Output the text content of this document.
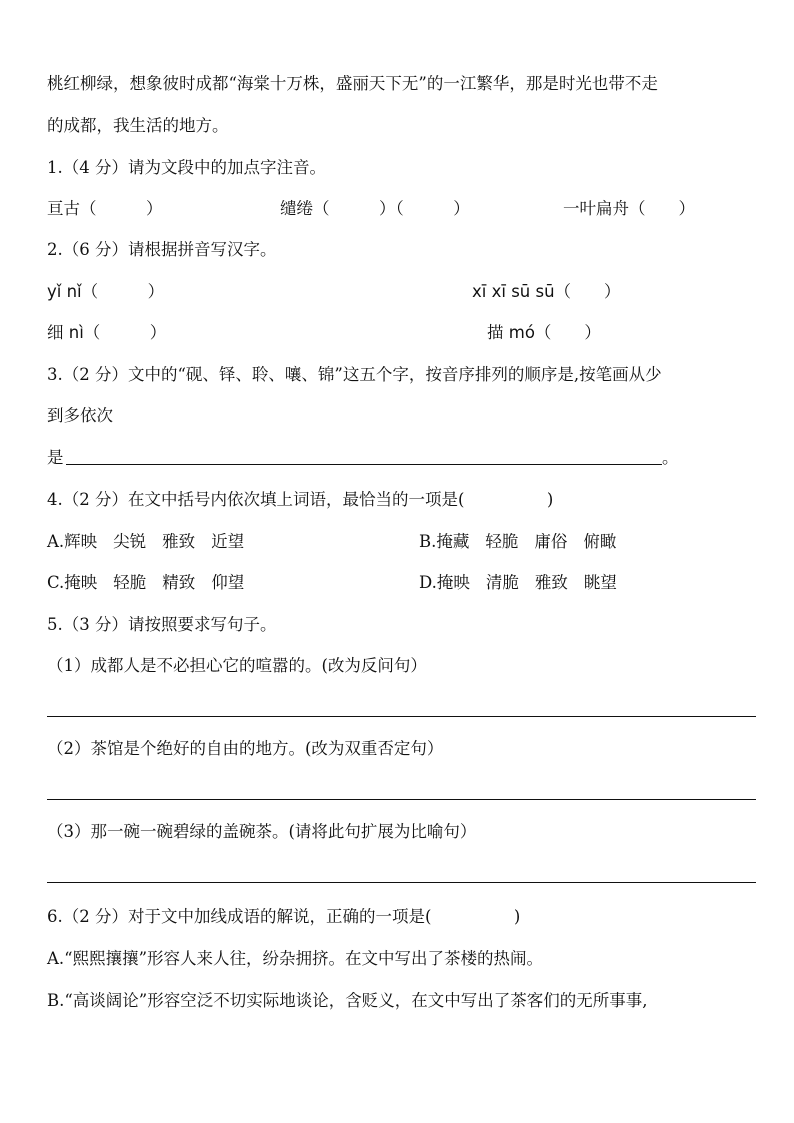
桃红柳绿，想象彼时成都“海棠十万株，盛丽天下无”的一江繁华，那是时光也带不走
的成都，我生活的地方。
1.（4 分）请为文段中的加点字注音。
亘古（　　　）	缱绻（　　　）（　　　）	一叶扁舟（　　）
2.（6 分）请根据拼音写汉字。
yǐ nǐ（　　　）	xī xī sū sū（　　）
细 nì（　　　）	描 mó（　　）
3.（2 分）文中的“砚、铎、聆、嚷、锦”这五个字，按音序排列的顺序是,按笔画从少
到多依次
是	。
4.（2 分）在文中括号内依次填上词语，最恰当的一项是(　　　　　)
A.辉映 尖锐 雅致 近望	B.掩藏 轻脆 庸俗 俯瞰
C.掩映 轻脆 精致 仰望	D.掩映 清脆 雅致 眺望
5.（3 分）请按照要求写句子。
（1）成都人是不必担心它的喧嚣的。(改为反问句）
（2）茶馆是个绝好的自由的地方。(改为双重否定句）
（3）那一碗一碗碧绿的盖碗茶。(请将此句扩展为比喻句）
6.（2 分）对于文中加线成语的解说，正确的一项是(　　　　　)
A.“熙熙攘攘”形容人来人往，纷杂拥挤。在文中写出了茶楼的热闹。
B.“高谈阔论”形容空泛不切实际地谈论，含贬义，在文中写出了茶客们的无所事事,
